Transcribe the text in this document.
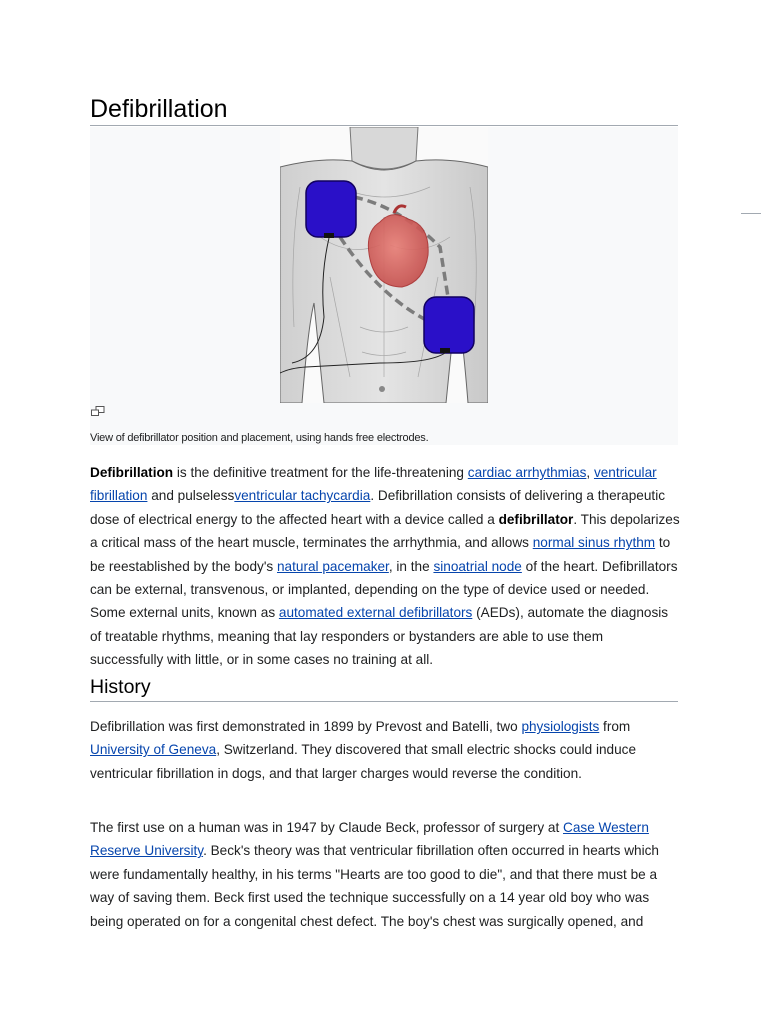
Defibrillation
View of defibrillator position and placement, using hands free electrodes.

Defibrillation is the definitive treatment for the life-threatening cardiac arrhythmias, ventricular fibrillation and pulselessventricular tachycardia. Defibrillation consists of delivering a therapeutic dose of electrical energy to the affected heart with a device called a defibrillator. This depolarizes a critical mass of the heart muscle, terminates the arrhythmia, and allows normal sinus rhythm to be reestablished by the body's natural pacemaker, in the sinoatrial node of the heart. Defibrillators can be external, transvenous, or implanted, depending on the type of device used or needed. Some external units, known as automated external defibrillators (AEDs), automate the diagnosis of treatable rhythms, meaning that lay responders or bystanders are able to use them successfully with little, or in some cases no training at all.

History

Defibrillation was first demonstrated in 1899 by Prevost and Batelli, two physiologists from University of Geneva, Switzerland. They discovered that small electric shocks could induce ventricular fibrillation in dogs, and that larger charges would reverse the condition.

The first use on a human was in 1947 by Claude Beck, professor of surgery at Case Western Reserve University. Beck's theory was that ventricular fibrillation often occurred in hearts which were fundamentally healthy, in his terms "Hearts are too good to die", and that there must be a way of saving them. Beck first used the technique successfully on a 14 year old boy who was being operated on for a congenital chest defect. The boy's chest was surgically opened, and
